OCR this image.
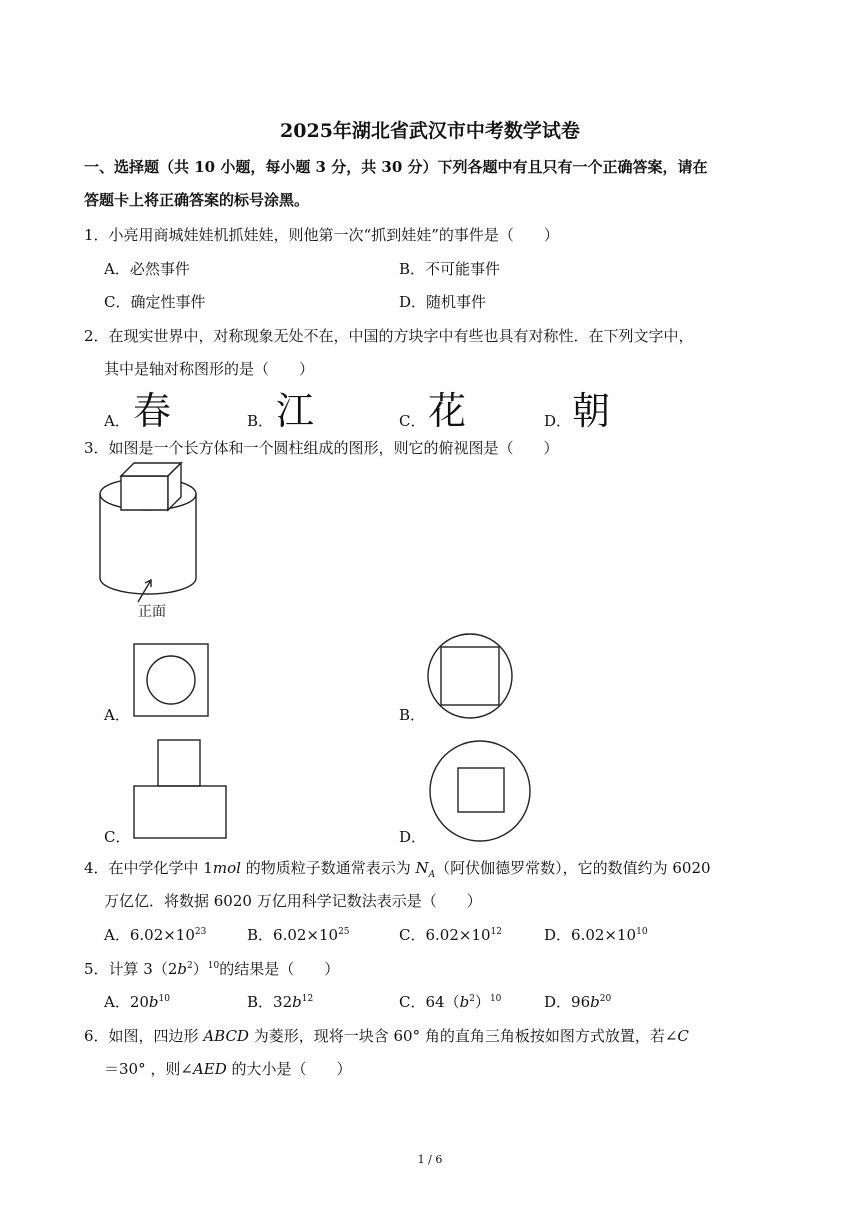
2025年湖北省武汉市中考数学试卷
一、选择题（共 10 小题，每小题 3 分，共 30 分）下列各题中有且只有一个正确答案，请在
答题卡上将正确答案的标号涂黑。
1．小亮用商城娃娃机抓娃娃，则他第一次“抓到娃娃”的事件是（　　）
A．必然事件	B．不可能事件
C．确定性事件	D．随机事件
2．在现实世界中，对称现象无处不在，中国的方块字中有些也具有对称性．在下列文字中，
其中是轴对称图形的是（　　）
A． 春	B． 江	C． 花	D． 朝
3．如图是一个长方体和一个圆柱组成的图形，则它的俯视图是（　　）
正面
A．	B．
C．	D．
4．在中学化学中 1mol 的物质粒子数通常表示为 $N_A$（阿伏伽德罗常数），它的数值约为 6020
万亿亿．将数据 6020 万亿用科学记数法表示是（　　）
A．$6.02\times 10^{23}$	B．$6.02\times 10^{25}$	C．$6.02\times 10^{12}$	D．$6.02\times 10^{10}$
5．计算 $3(2b^2)^{10}$的结果是（　　）
A．$20b^{10}$	B．$32b^{12}$	C．$64(b^2)^{10}$	D．$96b^{20}$
6．如图，四边形 ABCD 为菱形，现将一块含 60° 角的直角三角板按如图方式放置，若∠C
＝30° ，则∠AED 的大小是（　　）
1 / 6
